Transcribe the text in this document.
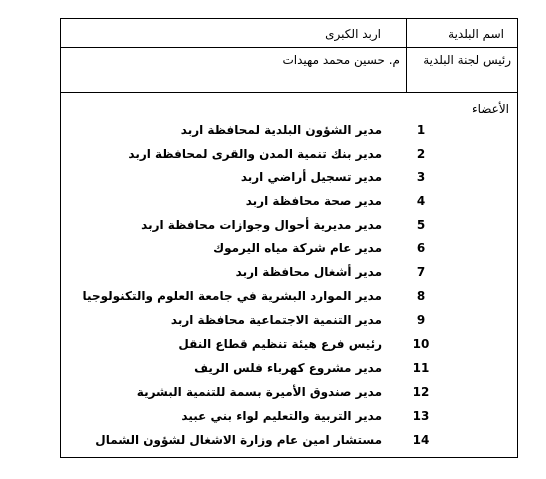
اسم البلدية
اربد الكبرى
رئيس لجنة البلدية
م. حسين محمد مهيدات
الأعضاء
1
مدير الشؤون البلدية لمحافظة اربد
2
مدير بنك تنمية المدن والقرى لمحافظة اربد
3
مدير تسجيل أراضي اربد
4
مدير صحة محافظة اربد
5
مدير مديرية أحوال وجوازات محافظة اربد
6
مدير عام شركة مياه اليرموك
7
مدير أشغال محافظة اربد
8
مدير الموارد البشرية في جامعة العلوم والتكنولوجيا
9
مدير التنمية الاجتماعية محافظة اربد
10
رئيس فرع هيئة تنظيم قطاع النقل
11
مدير مشروع كهرباء فلس الريف
12
مدير صندوق الأميرة بسمة للتنمية البشرية
13
مدير التربية والتعليم لواء بني عبيد
14
مستشار امين عام وزارة الاشغال لشؤون الشمال
